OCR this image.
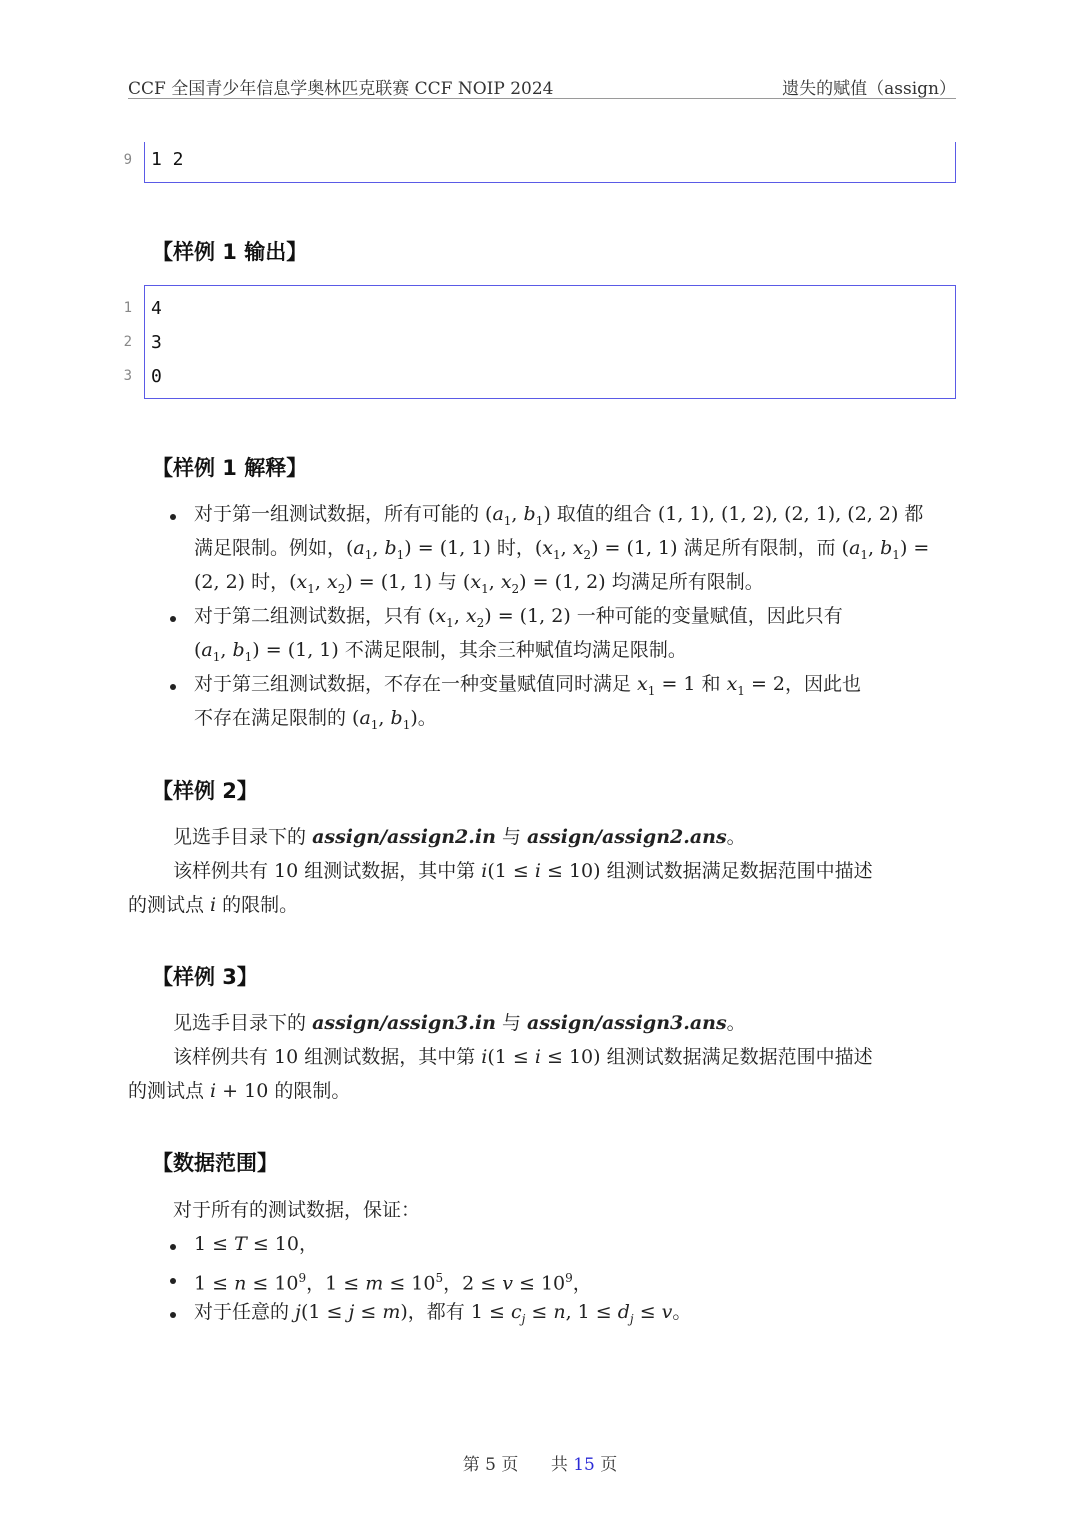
CCF 全国青少年信息学奥林匹克联赛 CCF NOIP 2024	遗失的赋值（assign）
1 2
9
【样例 1 输出】
4
3
0
1
2
3
【样例 1 解释】
对于第一组测试数据，所有可能的 ($a_1$, $b_1$) 取值的组合 (1, 1), (1, 2), (2, 1), (2, 2) 都
满足限制。例如，($a_1$, $b_1) = (1$, 1) 时，($x_1$, $x_2) = (1$, 1) 满足所有限制，而 ($a_1$, $b_1$) =
(2, 2) 时，($x_1$, $x_2) = (1$, 1) 与 ($x_1$, $x_2) = (1$, 2) 均满足所有限制。
对于第二组测试数据，只有 ($x_1$, $x_2) = (1$, 2) 一种可能的变量赋值，因此只有
($a_1$, $b_1) = (1$, 1) 不满足限制，其余三种赋值均满足限制。
对于第三组测试数据，不存在一种变量赋值同时满足 $x_1 = 1$ 和 $x_1 = 2$，因此也
不存在满足限制的 ($a_1$, $b_1$)。
【样例 2】
见选手目录下的 assign/assign2.in 与 assign/assign2.ans。
该样例共有 10 组测试数据，其中第 i(1 ≤ i ≤ 10) 组测试数据满足数据范围中描述
的测试点 i 的限制。
【样例 3】
见选手目录下的 assign/assign3.in 与 assign/assign3.ans。
该样例共有 10 组测试数据，其中第 i(1 ≤ i ≤ 10) 组测试数据满足数据范围中描述
的测试点 i + 10 的限制。
【数据范围】
对于所有的测试数据，保证：
1 ≤ T ≤ 10，
$1 \le n \le 10^9$，$1 \le m \le 10^5$，$2 \le v \le 10^9$，
对于任意的 j(1 ≤ j ≤ m)，都有 $1 \le c_j \le n$, $1 \le d_j \le v$。
第 5 页 共 15 页
